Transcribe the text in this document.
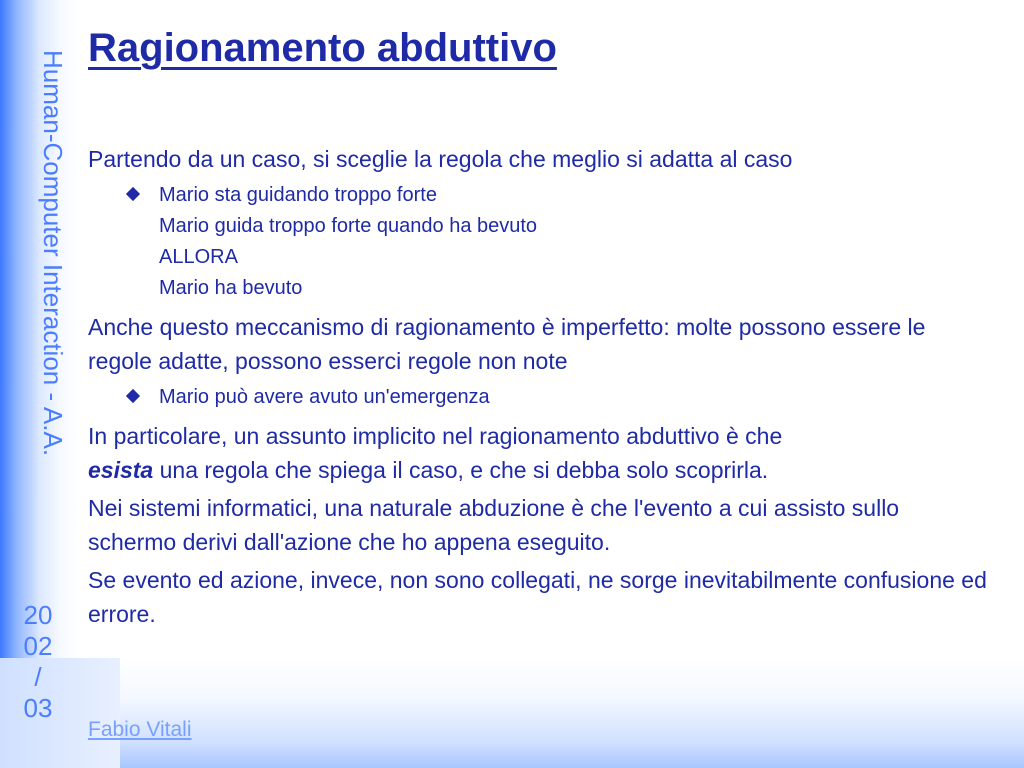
Human-Computer Interaction - A.A.
20
02
/
03
Ragionamento abduttivo

Partendo da un caso, si sceglie la regola che meglio si adatta al caso

Mario sta guidando troppo forte
Mario guida troppo forte quando ha bevuto
ALLORA
Mario ha bevuto

Anche questo meccanismo di ragionamento è imperfetto: molte possono essere le regole adatte, possono esserci regole non note

Mario può avere avuto un'emergenza

In particolare, un assunto implicito nel ragionamento abduttivo è che
esista una regola che spiega il caso, e che si debba solo scoprirla.

Nei sistemi informatici, una naturale abduzione è che l'evento a cui assisto sullo schermo derivi dall'azione che ho appena eseguito.

Se evento ed azione, invece, non sono collegati, ne sorge inevitabilmente confusione ed errore.

Fabio Vitali
